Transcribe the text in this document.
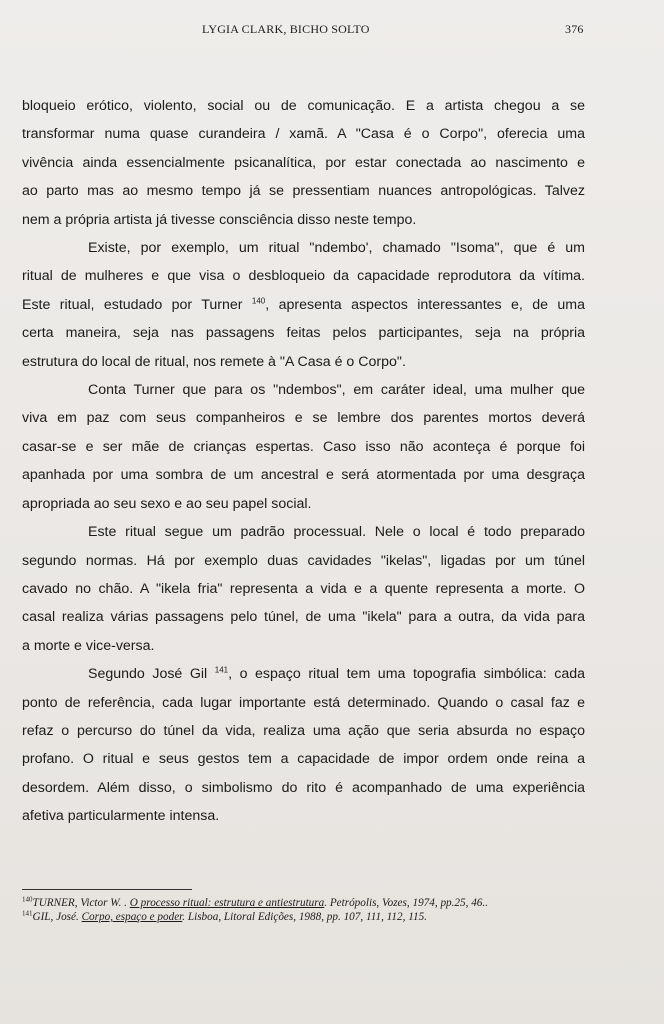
LYGIA CLARK, BICHO SOLTO	376

bloqueio erótico, violento, social ou de comunicação. E a artista chegou a se
transformar numa quase curandeira / xamã. A "Casa é o Corpo", oferecia uma
vivência ainda essencialmente psicanalítica, por estar conectada ao nascimento e
ao parto mas ao mesmo tempo já se pressentiam nuances antropológicas. Talvez
nem a própria artista já tivesse consciência disso neste tempo.

Existe, por exemplo, um ritual "ndembo', chamado "Isoma", que é um
ritual de mulheres e que visa o desbloqueio da capacidade reprodutora da vítima.
Este ritual, estudado por Turner $^{140}$, apresenta aspectos interessantes e, de uma
certa maneira, seja nas passagens feitas pelos participantes, seja na própria
estrutura do local de ritual, nos remete à "A Casa é o Corpo".

Conta Turner que para os "ndembos", em caráter ideal, uma mulher que
viva em paz com seus companheiros e se lembre dos parentes mortos deverá
casar-se e ser mãe de crianças espertas. Caso isso não aconteça é porque foi
apanhada por uma sombra de um ancestral e será atormentada por uma desgraça
apropriada ao seu sexo e ao seu papel social.

Este ritual segue um padrão processual. Nele o local é todo preparado
segundo normas. Há por exemplo duas cavidades "ikelas", ligadas por um túnel
cavado no chão. A "ikela fria" representa a vida e a quente representa a morte. O
casal realiza várias passagens pelo túnel, de uma "ikela" para a outra, da vida para
a morte e vice-versa.

Segundo José Gil $^{141}$, o espaço ritual tem uma topografia simbólica: cada
ponto de referência, cada lugar importante está determinado. Quando o casal faz e
refaz o percurso do túnel da vida, realiza uma ação que seria absurda no espaço
profano. O ritual e seus gestos tem a capacidade de impor ordem onde reina a
desordem. Além disso, o simbolismo do rito é acompanhado de uma experiência
afetiva particularmente intensa.

$^{140}$TURNER, Victor W. . O processo ritual: estrutura e antiestrutura. Petrópolis, Vozes, 1974, pp.25, 46..
$^{141}$GIL, José. Corpo, espaço e poder. Lisboa, Litoral Edições, 1988, pp. 107, 111, 112, 115.
